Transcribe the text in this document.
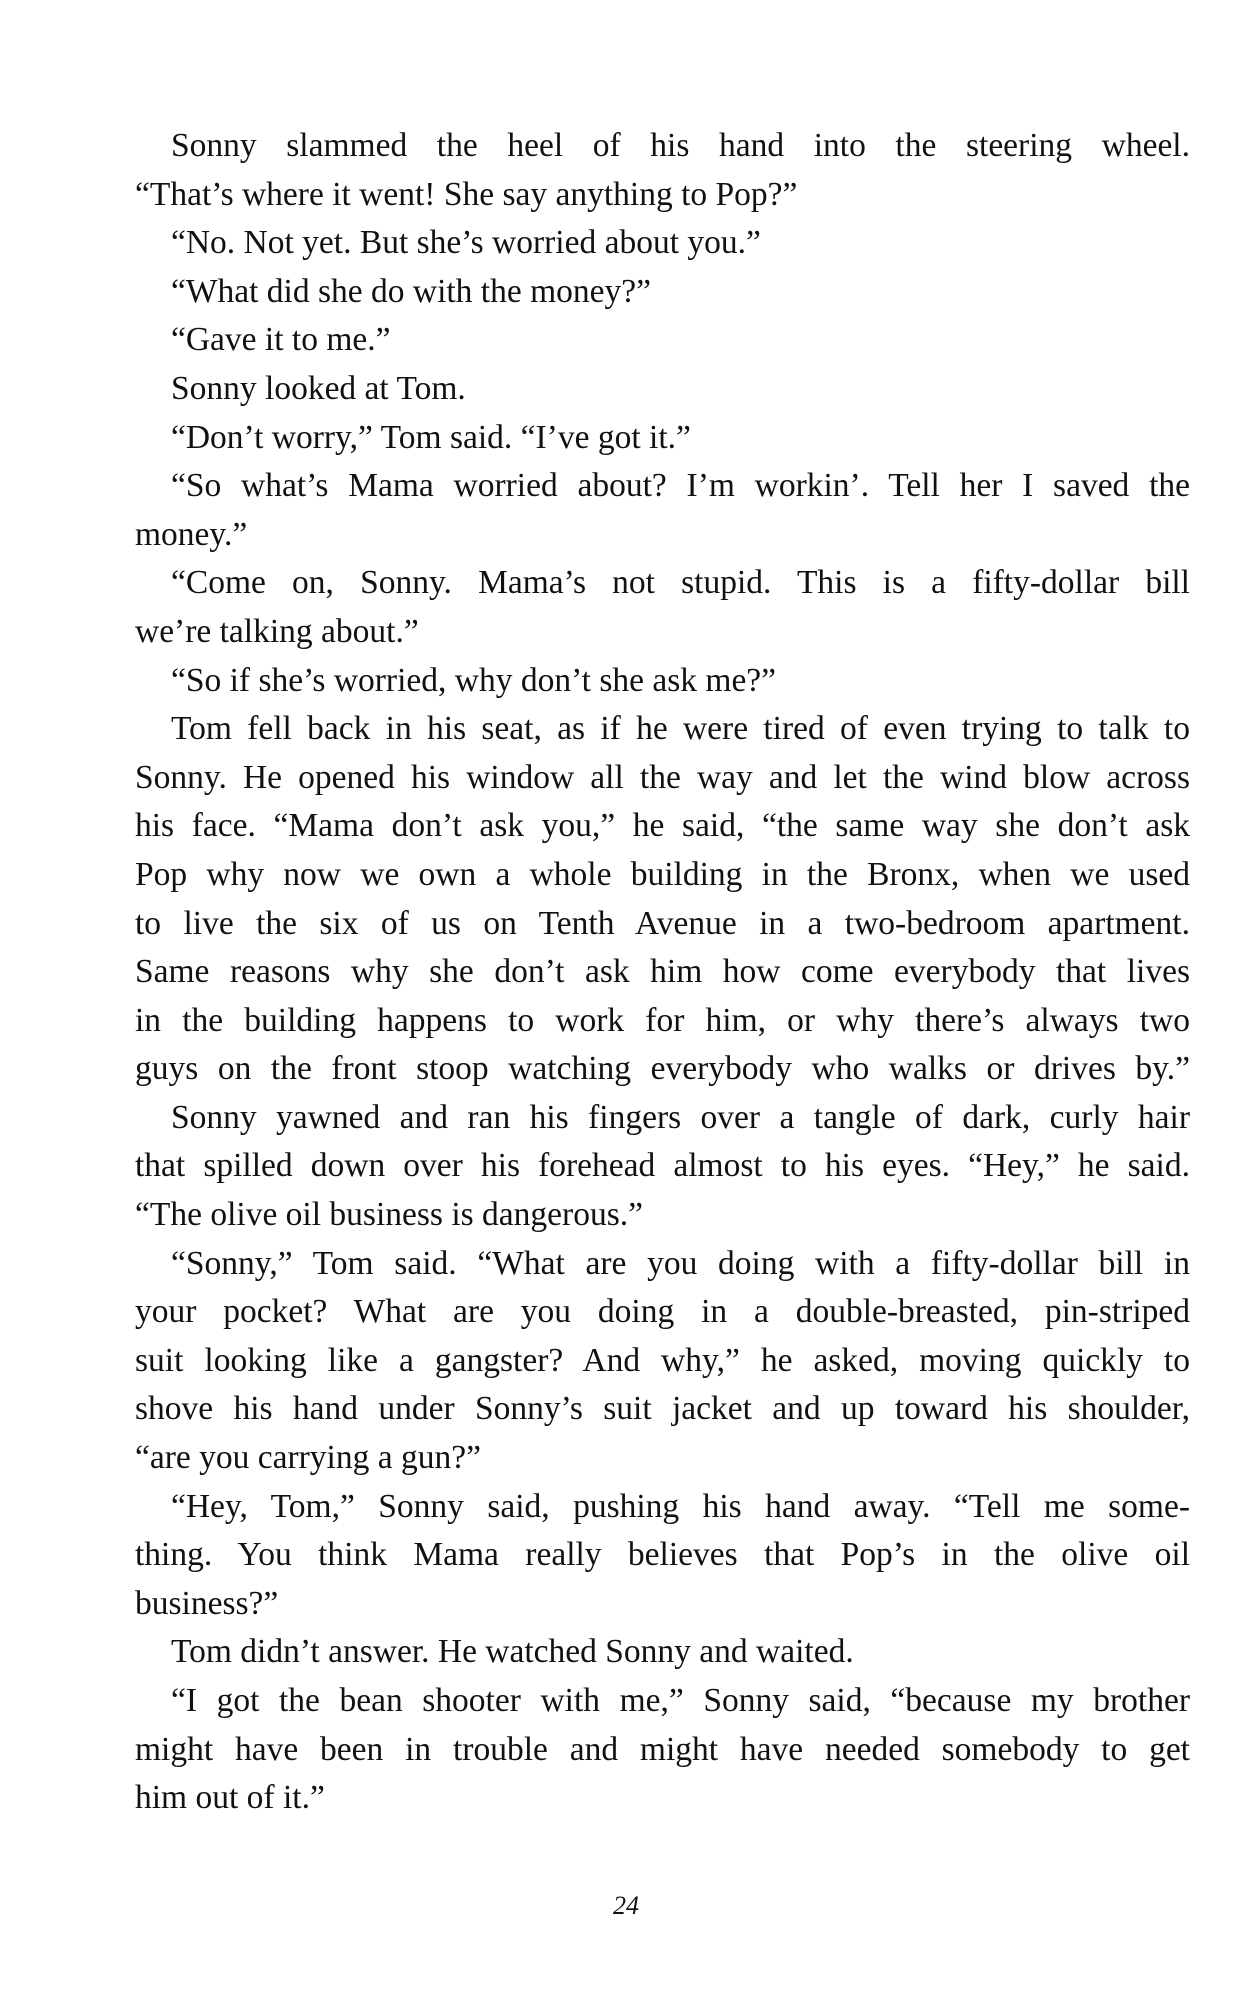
Sonny slammed the heel of his hand into the steering wheel.
“That’s where it went! She say anything to Pop?”
“No. Not yet. But she’s worried about you.”
“What did she do with the money?”
“Gave it to me.”
Sonny looked at Tom.
“Don’t worry,” Tom said. “I’ve got it.”
“So what’s Mama worried about? I’m workin’. Tell her I saved the
money.”
“Come on, Sonny. Mama’s not stupid. This is a fifty-dollar bill
we’re talking about.”
“So if she’s worried, why don’t she ask me?”
Tom fell back in his seat, as if he were tired of even trying to talk to
Sonny. He opened his window all the way and let the wind blow across
his face. “Mama don’t ask you,” he said, “the same way she don’t ask
Pop why now we own a whole building in the Bronx, when we used
to live the six of us on Tenth Avenue in a two-bedroom apartment.
Same reasons why she don’t ask him how come everybody that lives
in the building happens to work for him, or why there’s always two
guys on the front stoop watching everybody who walks or drives by.”
Sonny yawned and ran his fingers over a tangle of dark, curly hair
that spilled down over his forehead almost to his eyes. “Hey,” he said.
“The olive oil business is dangerous.”
“Sonny,” Tom said. “What are you doing with a fifty-dollar bill in
your pocket? What are you doing in a double-breasted, pin-striped
suit looking like a gangster? And why,” he asked, moving quickly to
shove his hand under Sonny’s suit jacket and up toward his shoulder,
“are you carrying a gun?”
“Hey, Tom,” Sonny said, pushing his hand away. “Tell me some-
thing. You think Mama really believes that Pop’s in the olive oil
business?”
Tom didn’t answer. He watched Sonny and waited.
“I got the bean shooter with me,” Sonny said, “because my brother
might have been in trouble and might have needed somebody to get
him out of it.”
24
